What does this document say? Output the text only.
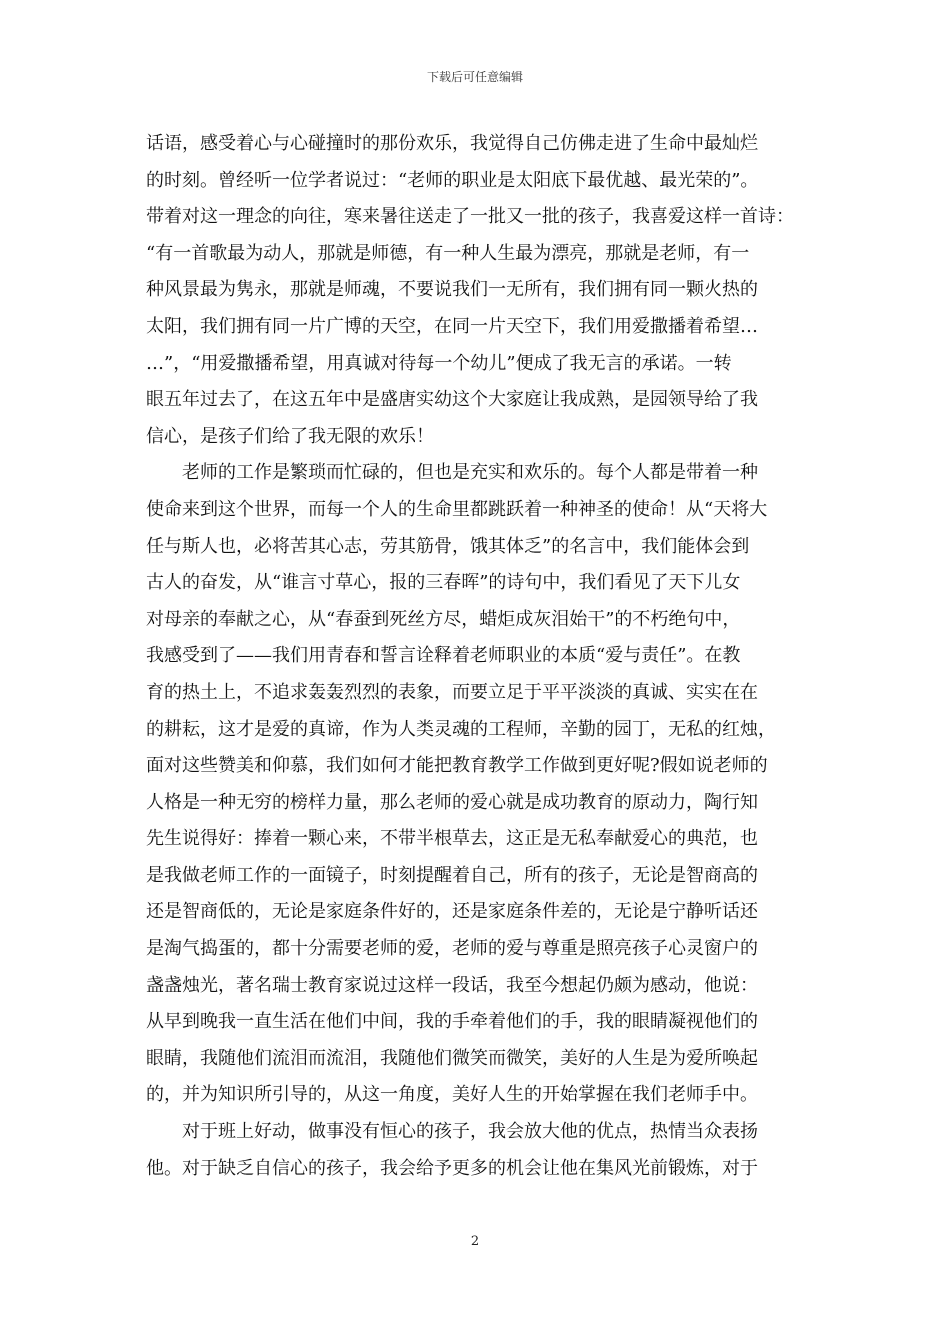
下载后可任意编辑
话语，感受着心与心碰撞时的那份欢乐，我觉得自己仿佛走进了生命中最灿烂
的时刻。曾经听一位学者说过：“老师的职业是太阳底下最优越、最光荣的”。
带着对这一理念的向往，寒来暑往送走了一批又一批的孩子，我喜爱这样一首诗：
“有一首歌最为动人，那就是师德，有一种人生最为漂亮，那就是老师，有一
种风景最为隽永，那就是师魂，不要说我们一无所有，我们拥有同一颗火热的
太阳，我们拥有同一片广博的天空，在同一片天空下，我们用爱撒播着希望…
…”，“用爱撒播希望，用真诚对待每一个幼儿”便成了我无言的承诺。一转
眼五年过去了，在这五年中是盛唐实幼这个大家庭让我成熟，是园领导给了我
信心，是孩子们给了我无限的欢乐！
老师的工作是繁琐而忙碌的，但也是充实和欢乐的。每个人都是带着一种
使命来到这个世界，而每一个人的生命里都跳跃着一种神圣的使命！从“天将大
任与斯人也，必将苦其心志，劳其筋骨，饿其体乏”的名言中，我们能体会到
古人的奋发，从“谁言寸草心，报的三春晖”的诗句中，我们看见了天下儿女
对母亲的奉献之心，从“春蚕到死丝方尽，蜡炬成灰泪始干”的不朽绝句中，
我感受到了——我们用青春和誓言诠释着老师职业的本质“爱与责任”。在教
育的热土上，不追求轰轰烈烈的表象，而要立足于平平淡淡的真诚、实实在在
的耕耘，这才是爱的真谛，作为人类灵魂的工程师，辛勤的园丁，无私的红烛，
面对这些赞美和仰慕，我们如何才能把教育教学工作做到更好呢?假如说老师的
人格是一种无穷的榜样力量，那么老师的爱心就是成功教育的原动力，陶行知
先生说得好：捧着一颗心来，不带半根草去，这正是无私奉献爱心的典范，也
是我做老师工作的一面镜子，时刻提醒着自己，所有的孩子，无论是智商高的
还是智商低的，无论是家庭条件好的，还是家庭条件差的，无论是宁静听话还
是淘气捣蛋的，都十分需要老师的爱，老师的爱与尊重是照亮孩子心灵窗户的
盏盏烛光，著名瑞士教育家说过这样一段话，我至今想起仍颇为感动，他说：
从早到晚我一直生活在他们中间，我的手牵着他们的手，我的眼睛凝视他们的
眼睛，我随他们流泪而流泪，我随他们微笑而微笑，美好的人生是为爱所唤起
的，并为知识所引导的，从这一角度，美好人生的开始掌握在我们老师手中。
对于班上好动，做事没有恒心的孩子，我会放大他的优点，热情当众表扬
他。对于缺乏自信心的孩子，我会给予更多的机会让他在集风光前锻炼，对于
2
